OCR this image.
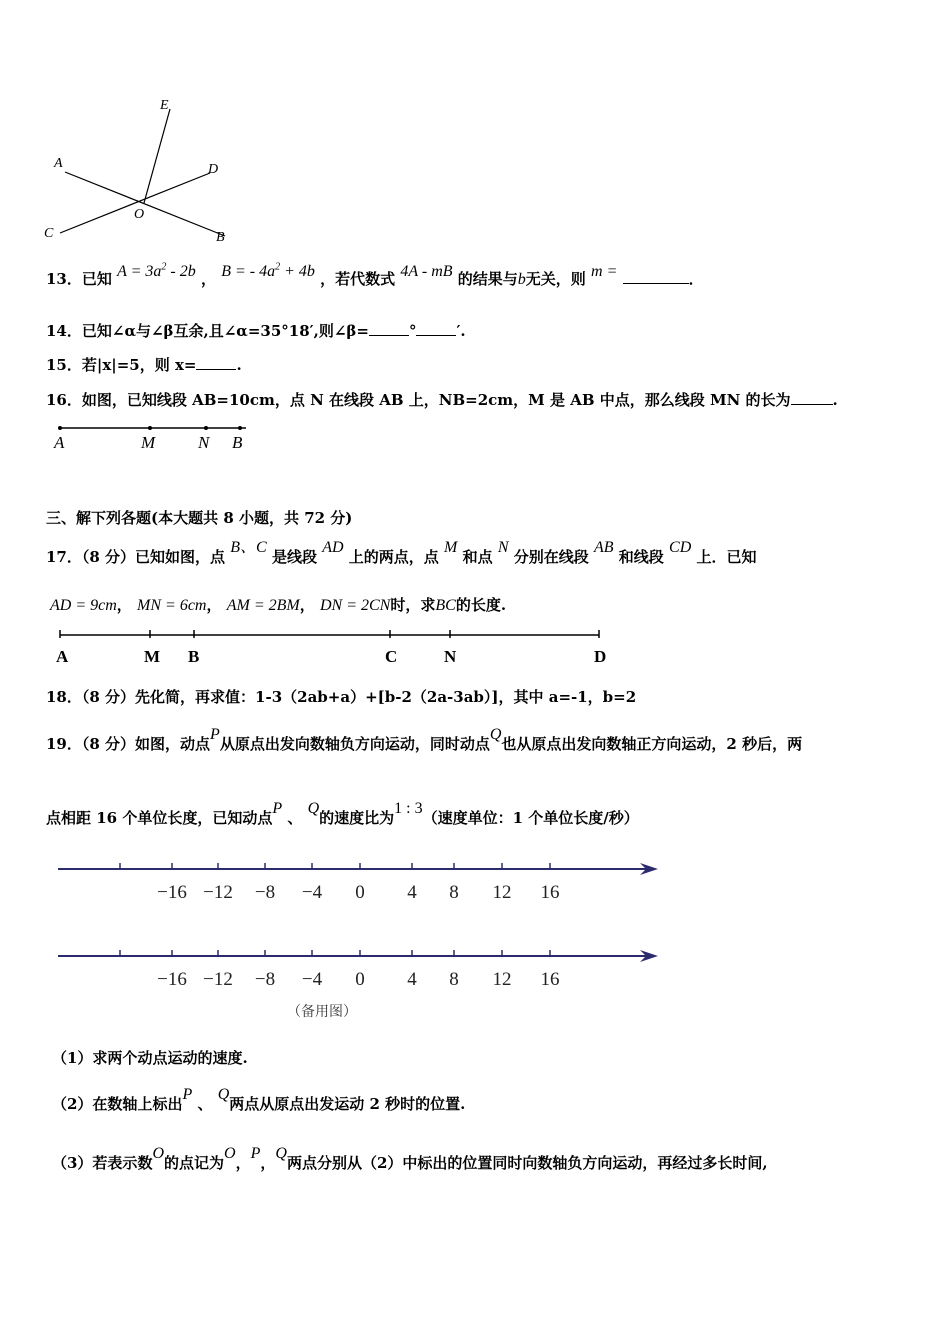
E
A	D
O
C	B
13．已知 $A = 3a^2 - 2b$ ， B = - $4a^2 + 4b$ ，若代数式 4A - mB 的结果与b无关，则 m =	．
14．已知∠α与∠β互余,且∠α=35°18′,则∠β=	°	′.
15．若|x|=5，则 x=	.
16．如图，已知线段 AB=10cm，点 N 在线段 AB 上，NB=2cm，M 是 AB 中点，那么线段 MN 的长为	.
A	M	N B
三、解下列各题(本大题共 8 小题，共 72 分)
17．（8 分）已知如图，点 B、C 是线段 AD 上的两点，点 M 和点 N 分别在线段 AB 和线段 CD 上．已知
AD = 9cm， MN = 6cm， AM = 2BM， DN = 2CN时，求BC的长度.
A	M B	C	N	D
18．（8 分）先化简，再求值：1-3（2ab+a）+[b-2（2a-3ab）]，其中 a=-1，b=2
19．（8 分）如图，动点P从原点出发向数轴负方向运动，同时动点Q也从原点出发向数轴正方向运动，2 秒后，两
点相距 16 个单位长度，已知动点P 、 Q的速度比为1 : 3（速度单位：1 个单位长度/秒）
−16 −12 −8 −4 0 4 8 12 16
−16 −12 −8 −4 0 4 8 12 16
（备用图）
（1）求两个动点运动的速度.
（2）在数轴上标出P 、 Q两点从原点出发运动 2 秒时的位置.
（3）若表示数O的点记为O，P，Q两点分别从（2）中标出的位置同时向数轴负方向运动，再经过多长时间,
